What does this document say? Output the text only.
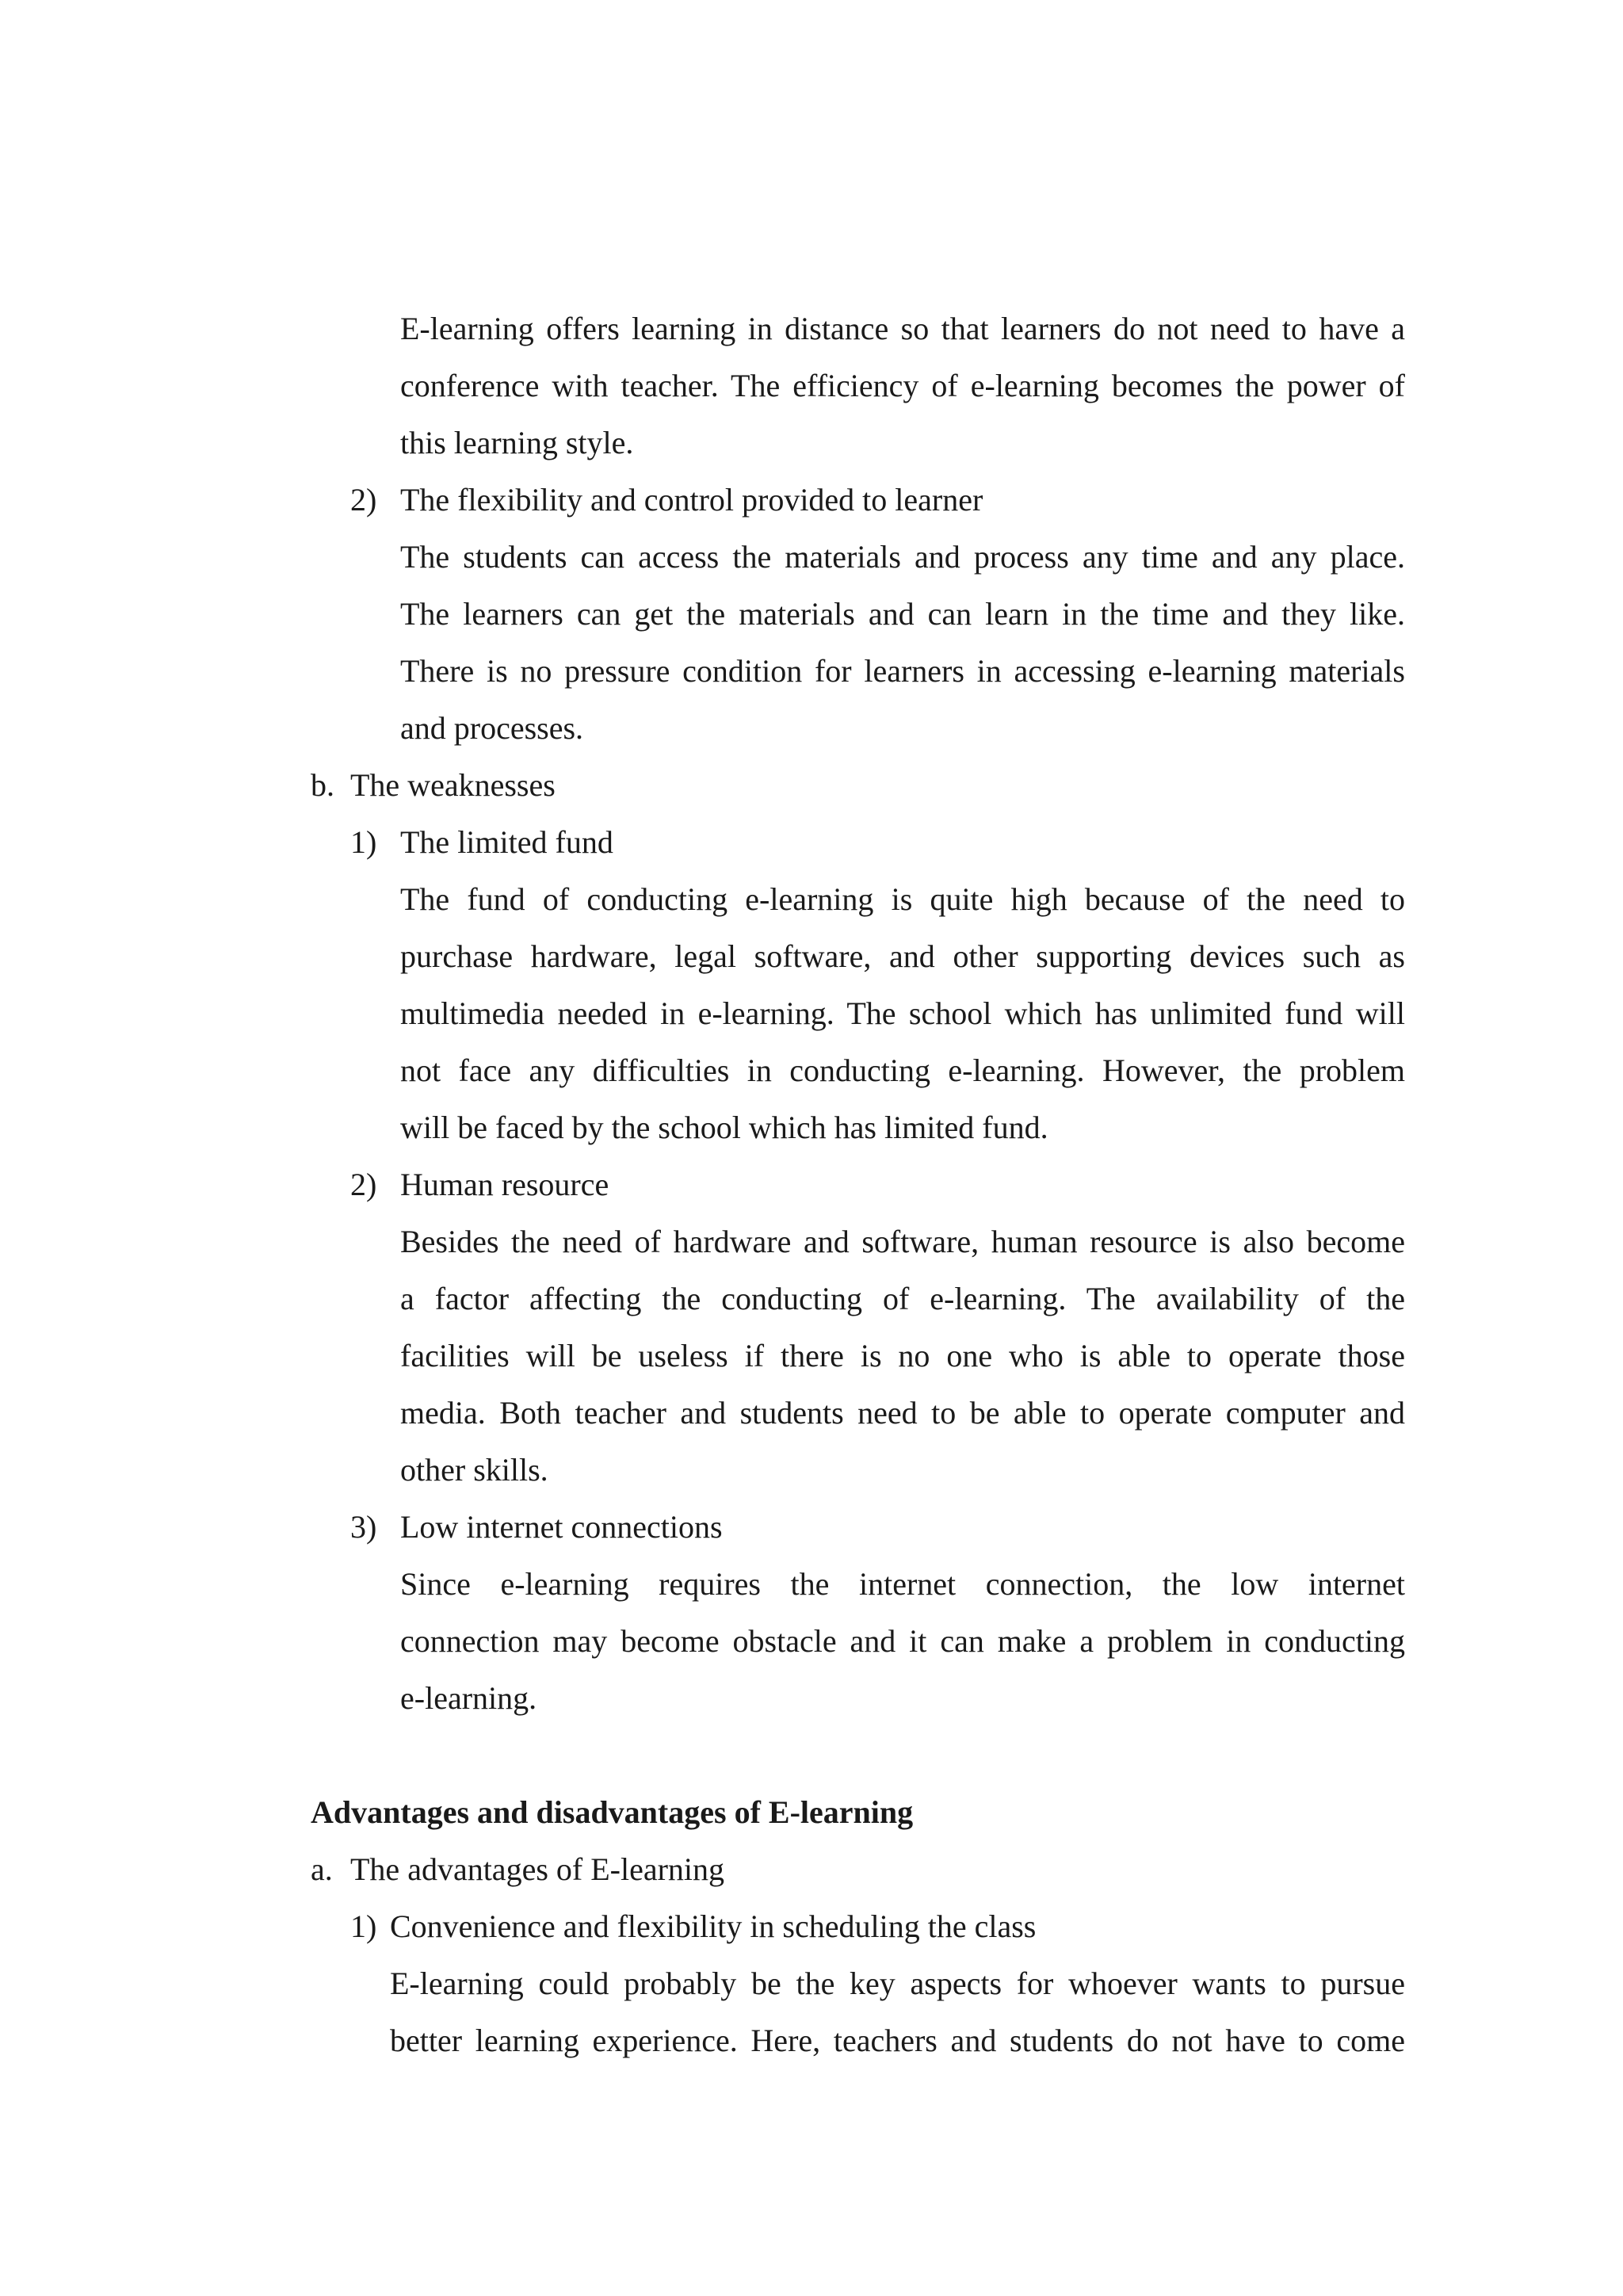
E-learning offers learning in distance so that learners do not need to have a
conference with teacher. The efficiency of e-learning becomes the power of
this learning style.
2) The flexibility and control provided to learner
The students can access the materials and process any time and any place.
The learners can get the materials and can learn in the time and they like.
There is no pressure condition for learners in accessing e-learning materials
and processes.
b. The weaknesses
1) The limited fund
The fund of conducting e-learning is quite high because of the need to
purchase hardware, legal software, and other supporting devices such as
multimedia needed in e-learning. The school which has unlimited fund will
not face any difficulties in conducting e-learning. However, the problem
will be faced by the school which has limited fund.
2) Human resource
Besides the need of hardware and software, human resource is also become
a factor affecting the conducting of e-learning. The availability of the
facilities will be useless if there is no one who is able to operate those
media. Both teacher and students need to be able to operate computer and
other skills.
3) Low internet connections
Since e-learning requires the internet connection, the low internet
connection may become obstacle and it can make a problem in conducting
e-learning.
Advantages and disadvantages of E-learning
a. The advantages of E-learning
1) Convenience and flexibility in scheduling the class
E-learning could probably be the key aspects for whoever wants to pursue
better learning experience. Here, teachers and students do not have to come
